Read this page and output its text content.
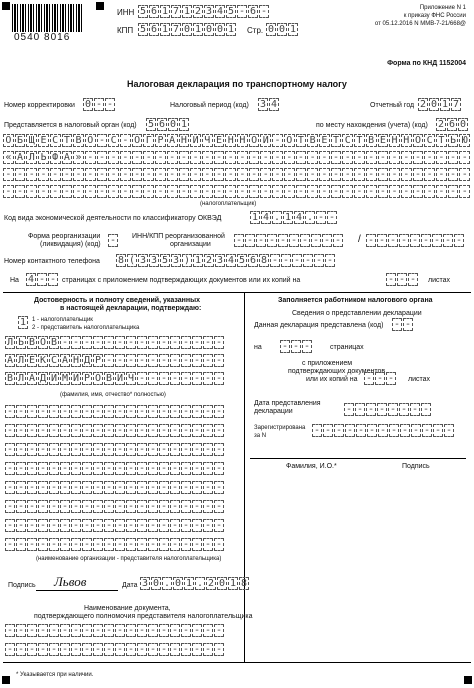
0540 8016
ИНН 5 6 1 7 1 2 3 4 5 - 6 -
КПП 5 6 1 7 0 1 0 0 1 Стр. 0 0 1
Приложение N 1
к приказу ФНС России
от 05.12.2016 N ММВ-7-21/668@
Форма по КНД 1152004
Налоговая декларация по транспортному налогу
Номер корректировки 0 - -	Налоговый период (код) 3 4	Отчетный год 2 0 1 7
Представляется в налоговый орган (код) 5 6 0 1	по месту нахождения (учета) (код) 2 6 0
О Б Щ Е С Т В О - С - О Г Р А Н И Ч Е Н Н О Й - О Т В Е Т С Т В Е Н Н О С Т Ь Ю
« А Л Ь Ф А » - - - - - - - - - - - - - - - - - - - - - - - - - - - - - - - - -
- - - - - - - - - - - - - - - - - - - - - - - - - - - - - - - - - - - - - - - -
- - - - - - - - - - - - - - - - - - - - - - - - - - - - - - - - - - - - - - - -
(налогоплательщик)
Код вида экономической деятельности по классификатору ОКВЭД	1 4 . 1 4 . - -
Форма реорганизации
(ликвидация) (код) - ИНН/КПП реорганизованной
организации	- - - - - - - - - - / - - - - - - - - -
Номер контактного телефона 8 ( 3 3 5 3 ) 1 2 3 4 5 6 8 - - - - - -
На 4 - - страницах с приложением подтверждающих документов или их копий на	- - - листах
Достоверность и полноту сведений, указанных
в настоящей декларации, подтверждаю:
1 1 - налогоплательщик
2 - представитель налогоплательщика
Л Ь В О В - - - - - - - - - - - - - - -
А Л Е К С А Н Д Р - - - - - - - - - - -
В Л А Д И М И Р О В И Ч - - - - - - - -
(фамилия, имя, отчество* полностью)
- - - - - - - - - - - - - - - - - - - -
- - - - - - - - - - - - - - - - - - - -
- - - - - - - - - - - - - - - - - - - -
- - - - - - - - - - - - - - - - - - - -
- - - - - - - - - - - - - - - - - - - -
- - - - - - - - - - - - - - - - - - - -
- - - - - - - - - - - - - - - - - - - -
- - - - - - - - - - - - - - - - - - - -
(наименование организации - представителя налогоплательщика)
Подпись Львов	Дата 3 0 . 0 1 . 2 0 1 8
Наименование документа,
подтверждающего полномочия представителя налогоплательщика
- - - - - - - - - - - - - - - - - - - -
- - - - - - - - - - - - - - - - - - - -
Заполняется работником налогового органа
Сведения о представлении декларации
Данная декларация представлена (код) - -
на - - -	страницах
с приложением
подтверждающих документов
или их копий на - - - листах
Дата представления
декларации	- - - - - - - -
Зарегистрирована
за N	- - - - - - - - - - - - -
Фамилия, И.О.*	Подпись
* Указывается при наличии.
